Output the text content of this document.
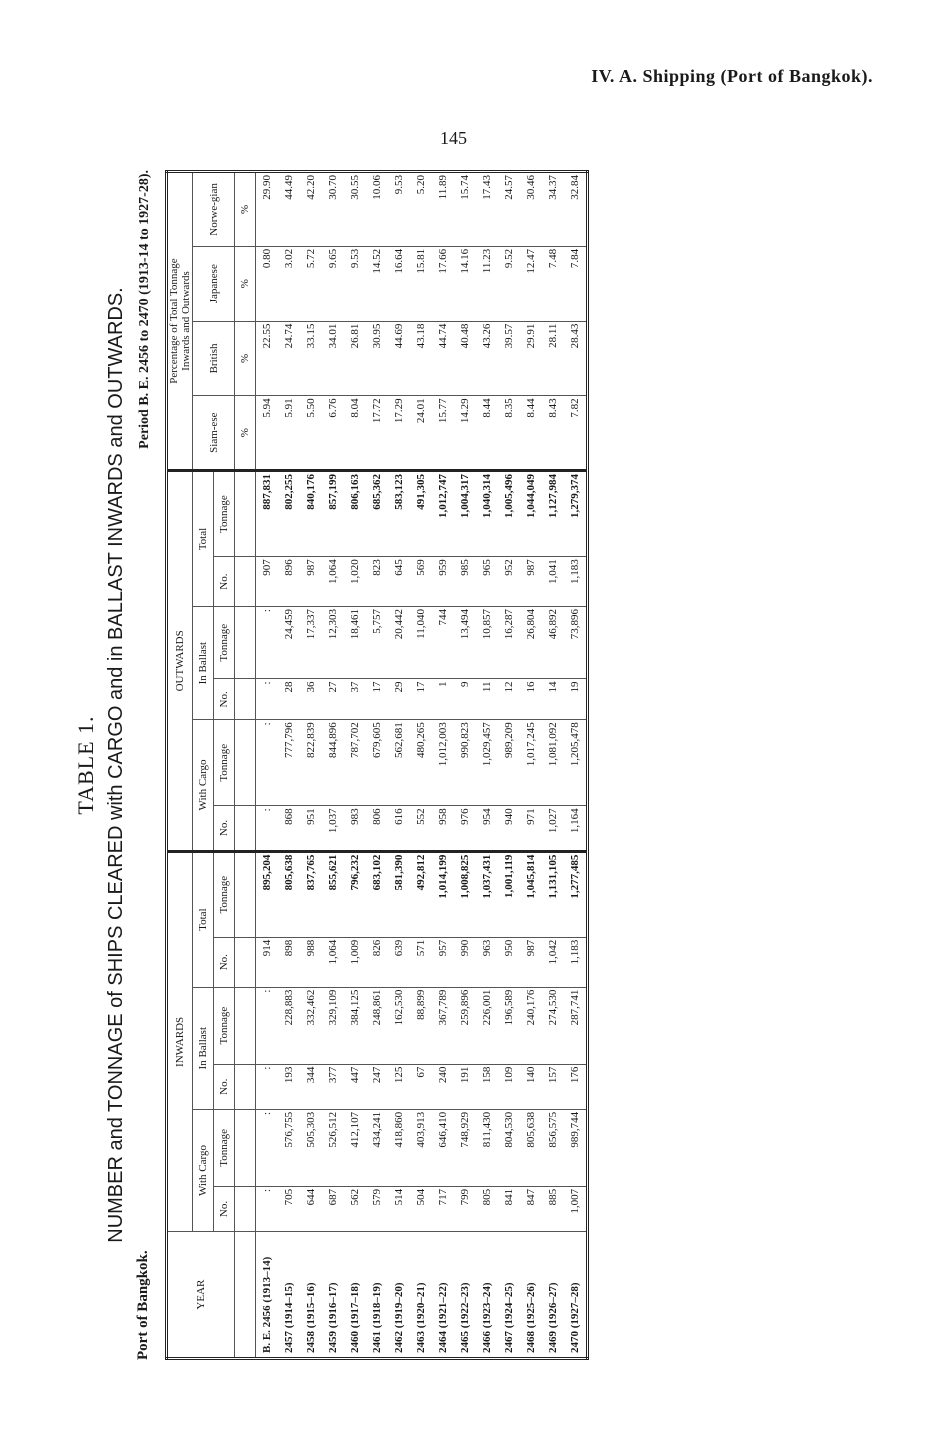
IV. A. Shipping (Port of Bangkok).
145
TABLE 1. NUMBER and TONNAGE of SHIPS CLEARED with CARGO and in BALLAST INWARDS and OUTWARDS.
Port of Bangkok.
Period B. E. 2456 to 2470 (1913-14 to 1927-28).
YEAR	INWARDS						OUTWARDS						Percentage of Total Tonnage
Inwards and Outwards			
	With Cargo		In Ballast		Total		With Cargo		In Ballast		Total		Siam-ese	British	Japanese	Norwe-gian
	No.	Tonnage	No.	Tonnage	No.	Tonnage	No.	Tonnage	No.	Tonnage	No.	Tonnage				
													%	%	%	%
B. E. 2456 (1913–14)	:	:	:	:	914	895,204	:	:	:	:	907	887,831	5.94	22.55	0.80	29.90
2457 (1914–15)	705	576,755	193	228,883	898	805,638	868	777,796	28	24,459	896	802,255	5.91	24.74	3.02	44.49
2458 (1915–16)	644	505,303	344	332,462	988	837,765	951	822,839	36	17,337	987	840,176	5.50	33.15	5.72	42.20
2459 (1916–17)	687	526,512	377	329,109	1,064	855,621	1,037	844,896	27	12,303	1,064	857,199	6.76	34.01	9.65	30.70
2460 (1917–18)	562	412,107	447	384,125	1,009	796,232	983	787,702	37	18,461	1,020	806,163	8.04	26.81	9.53	30.55
2461 (1918–19)	579	434,241	247	248,861	826	683,102	806	679,605	17	5,757	823	685,362	17.72	30.95	14.52	10.06
2462 (1919–20)	514	418,860	125	162,530	639	581,390	616	562,681	29	20,442	645	583,123	17.29	44.69	16.64	9.53
2463 (1920–21)	504	403,913	67	88,899	571	492,812	552	480,265	17	11,040	569	491,305	24.01	43.18	15.81	5.20
2464 (1921–22)	717	646,410	240	367,789	957	1,014,199	958	1,012,003	1	744	959	1,012,747	15.77	44.74	17.66	11.89
2465 (1922–23)	799	748,929	191	259,896	990	1,008,825	976	990,823	9	13,494	985	1,004,317	14.29	40.48	14.16	15.74
2466 (1923–24)	805	811,430	158	226,001	963	1,037,431	954	1,029,457	11	10,857	965	1,040,314	8.44	43.26	11.23	17.43
2467 (1924–25)	841	804,530	109	196,589	950	1,001,119	940	989,209	12	16,287	952	1,005,496	8.35	39.57	9.52	24.57
2468 (1925–26)	847	805,638	140	240,176	987	1,045,814	971	1,017,245	16	26,804	987	1,044,049	8.44	29.91	12.47	30.46
2469 (1926–27)	885	856,575	157	274,530	1,042	1,131,105	1,027	1,081,092	14	46,892	1,041	1,127,984	8.43	28.11	7.48	34.37
2470 (1927–28)	1,007	989,744	176	287,741	1,183	1,277,485	1,164	1,205,478	19	73,896	1,183	1,279,374	7.82	28.43	7.84	32.84
